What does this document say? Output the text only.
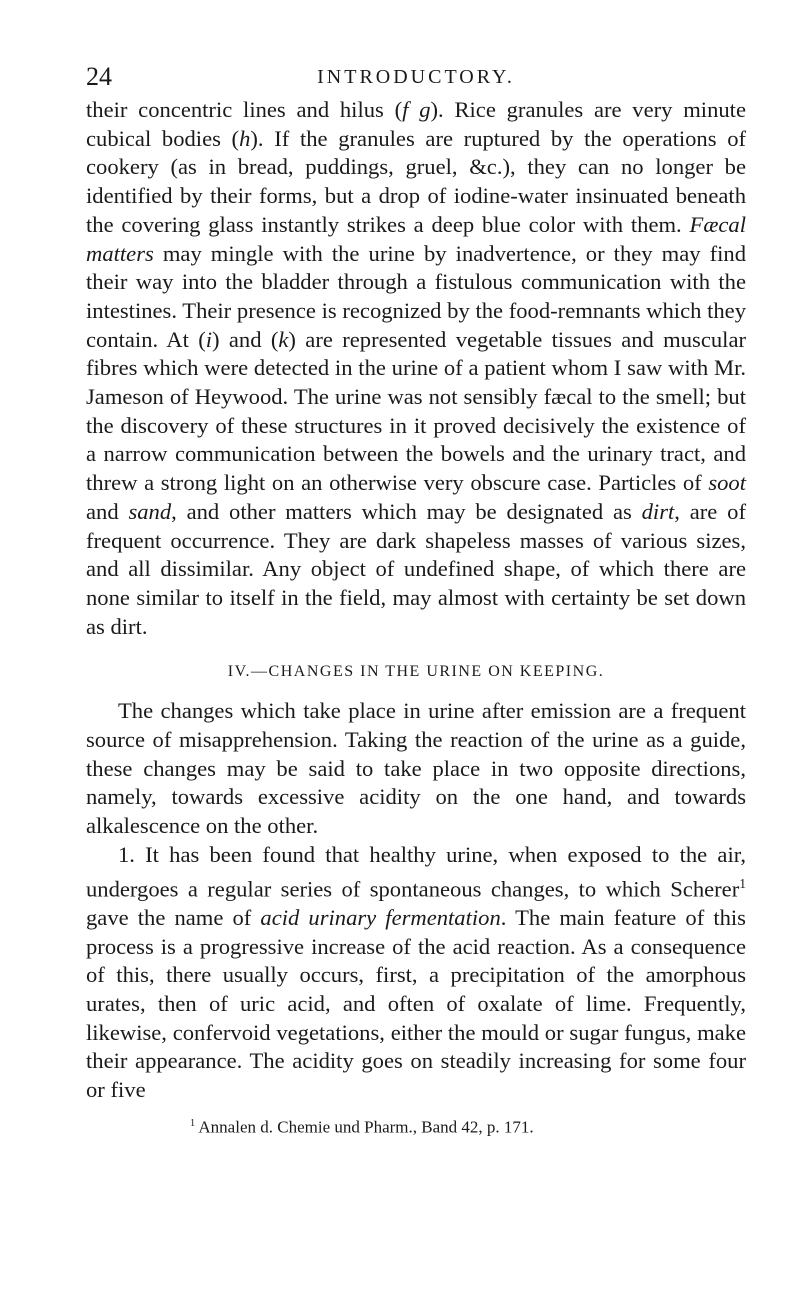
24	INTRODUCTORY.

their concentric lines and hilus (f g). Rice granules are very minute cubical bodies (h). If the granules are ruptured by the operations of cookery (as in bread, puddings, gruel, &c.), they can no longer be identified by their forms, but a drop of iodine-water insinuated beneath the covering glass instantly strikes a deep blue color with them. Fæcal matters may mingle with the urine by inadvertence, or they may find their way into the bladder through a fistulous communication with the intestines. Their presence is recognized by the food-remnants which they contain. At (i) and (k) are represented vegetable tissues and muscular fibres which were detected in the urine of a patient whom I saw with Mr. Jameson of Heywood. The urine was not sensibly fæcal to the smell; but the discovery of these structures in it proved decisively the existence of a narrow communication between the bowels and the urinary tract, and threw a strong light on an otherwise very obscure case. Particles of soot and sand, and other matters which may be designated as dirt, are of frequent occurrence. They are dark shapeless masses of various sizes, and all dissimilar. Any object of undefined shape, of which there are none similar to itself in the field, may almost with certainty be set down as dirt.

IV.—CHANGES IN THE URINE ON KEEPING.

The changes which take place in urine after emission are a frequent source of misapprehension. Taking the reaction of the urine as a guide, these changes may be said to take place in two opposite directions, namely, towards excessive acidity on the one hand, and towards alkalescence on the other.

1. It has been found that healthy urine, when exposed to the air, undergoes a regular series of spontaneous changes, to which Scherer$^1$ gave the name of acid urinary fermentation. The main feature of this process is a progressive increase of the acid reaction. As a consequence of this, there usually occurs, first, a precipitation of the amorphous urates, then of uric acid, and often of oxalate of lime. Frequently, likewise, confervoid vegetations, either the mould or sugar fungus, make their appearance. The acidity goes on steadily increasing for some four or five

$^1$ Annalen d. Chemie und Pharm., Band 42, p. 171.
